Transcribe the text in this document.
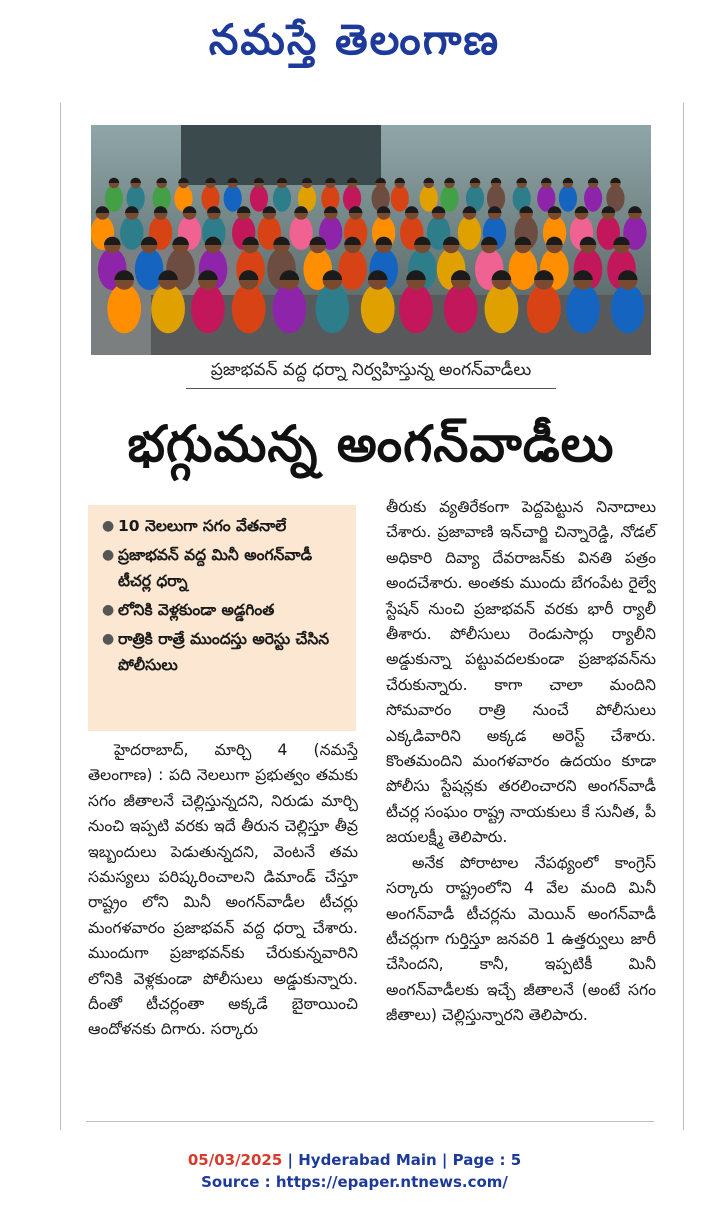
నమస్తే తెలంగాణ
ప్రజాభవన్ వద్ద ధర్నా నిర్వహిస్తున్న అంగన్‌వాడీలు
భగ్గుమన్న అంగన్‌వాడీలు
● 10 నెలలుగా సగం వేతనాలే
● ప్రజాభవన్ వద్ద మినీ అంగన్‌వాడీ టీచర్ల ధర్నా
● లోనికి వెళ్లకుండా అడ్డగింత
● రాత్రికి రాత్రే ముందస్తు అరెస్టు చేసిన పోలీసులు

హైదరాబాద్, మార్చి 4 (నమస్తే తెలంగాణ) : పది నెలలుగా ప్రభుత్వం తమకు సగం జీతాలనే చెల్లిస్తున్నదని, నిరుడు మార్చి నుంచి ఇప్పటి వరకు ఇదే తీరున చెల్లిస్తూ తీవ్ర ఇబ్బందులు పెడుతున్నదని, వెంటనే తమ సమస్యలు పరిష్కరించాలని డిమాండ్ చేస్తూ రాష్ట్రం లోని మినీ అంగన్‌వాడీల టీచర్లు మంగళవారం ప్రజాభవన్ వద్ద ధర్నా చేశారు. ముందుగా ప్రజాభవన్‌కు చేరుకున్నవారిని లోనికి వెళ్లకుండా పోలీసులు అడ్డుకున్నారు. దీంతో టీచర్లంతా అక్కడే బైఠాయించి ఆందోళనకు దిగారు. సర్కారు

తీరుకు వ్యతిరేకంగా పెద్దపెట్టున నినాదాలు చేశారు. ప్రజావాణి ఇన్‌చార్జి చిన్నారెడ్డి, నోడల్ అధికారి దివ్యా దేవరాజన్‌కు వినతి పత్రం అందచేశారు. అంతకు ముందు బేగంపేట రైల్వే స్టేషన్ నుంచి ప్రజాభవన్ వరకు భారీ ర్యాలీ తీశారు. పోలీసులు రెండుసార్లు ర్యాలీని అడ్డుకున్నా పట్టువదలకుండా ప్రజాభవన్‌ను చేరుకున్నారు. కాగా చాలా మందిని సోమవారం రాత్రి నుంచే పోలీసులు ఎక్కడివారిని అక్కడ అరెస్ట్ చేశారు. కొంతమందిని మంగళవారం ఉదయం కూడా పోలీసు స్టేషన్లకు తరలించారని అంగన్‌వాడీ టీచర్ల సంఘం రాష్ట్ర నాయకులు కే సునీత, పీ జయలక్ష్మీ తెలిపారు.

అనేక పోరాటాల నేపథ్యంలో కాంగ్రెస్ సర్కారు రాష్ట్రంలోని 4 వేల మంది మినీ అంగన్‌వాడీ టీచర్లను మెయిన్ అంగన్‌వాడీ టీచర్లుగా గుర్తిస్తూ జనవరి 1 ఉత్తర్వులు జారీ చేసిందని, కానీ, ఇప్పటికీ మినీ అంగన్‌వాడీలకు ఇచ్చే జీతాలనే (అంటే సగం జీతాలు) చెల్లిస్తున్నారని తెలిపారు.

05/03/2025 | Hyderabad Main | Page : 5
Source : https://epaper.ntnews.com/
